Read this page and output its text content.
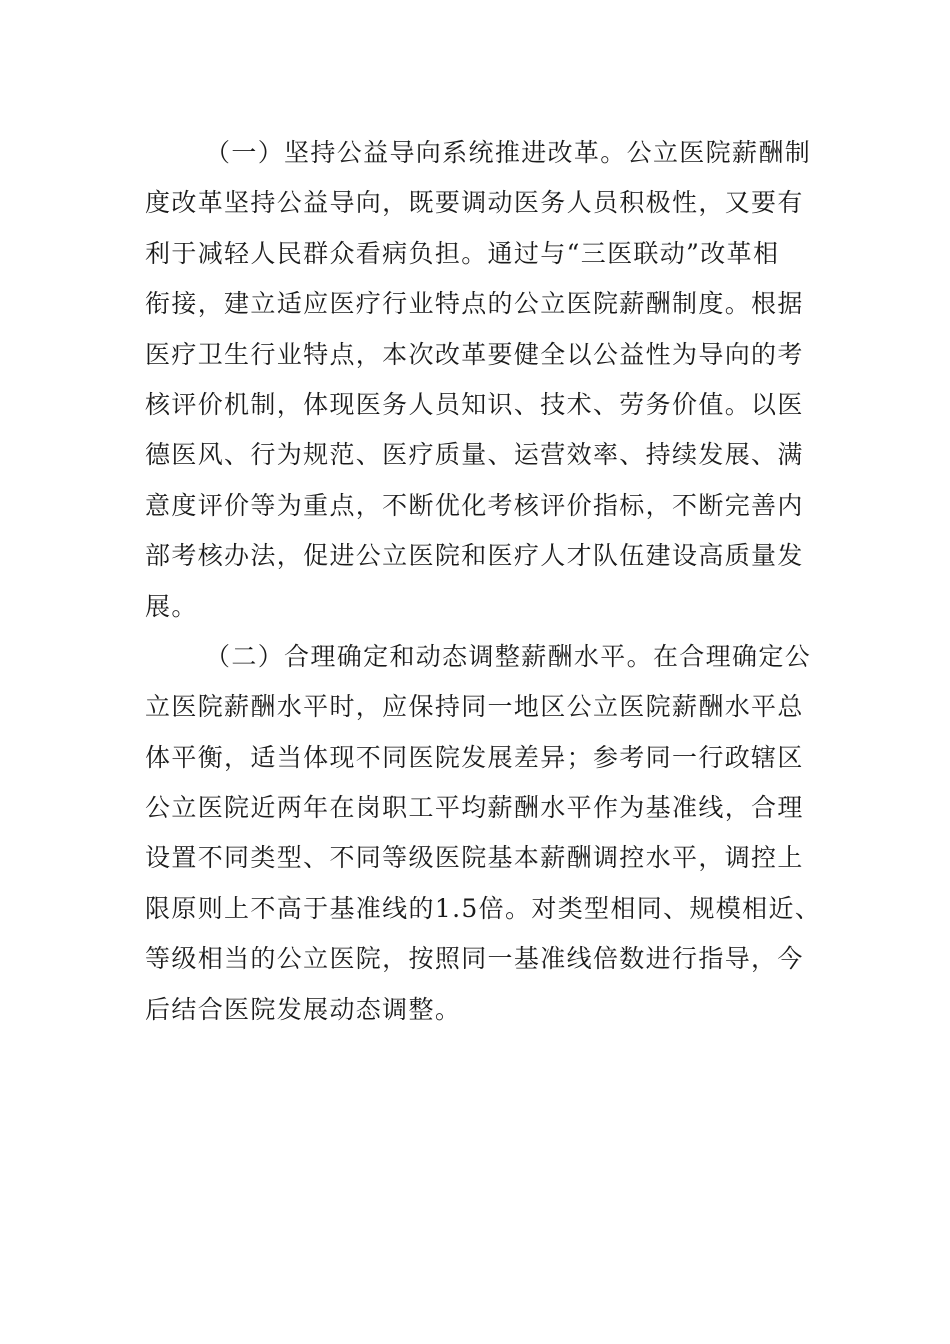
（一）坚持公益导向系统推进改革。公立医院薪酬制
度改革坚持公益导向，既要调动医务人员积极性，又要有
利于减轻人民群众看病负担。通过与“三医联动”改革相
衔接，建立适应医疗行业特点的公立医院薪酬制度。根据
医疗卫生行业特点，本次改革要健全以公益性为导向的考
核评价机制，体现医务人员知识、技术、劳务价值。以医
德医风、行为规范、医疗质量、运营效率、持续发展、满
意度评价等为重点，不断优化考核评价指标，不断完善内
部考核办法，促进公立医院和医疗人才队伍建设高质量发
展。
（二）合理确定和动态调整薪酬水平。在合理确定公
立医院薪酬水平时，应保持同一地区公立医院薪酬水平总
体平衡，适当体现不同医院发展差异；参考同一行政辖区
公立医院近两年在岗职工平均薪酬水平作为基准线，合理
设置不同类型、不同等级医院基本薪酬调控水平，调控上
限原则上不高于基准线的1.5倍。对类型相同、规模相近、
等级相当的公立医院，按照同一基准线倍数进行指导，今
后结合医院发展动态调整。
